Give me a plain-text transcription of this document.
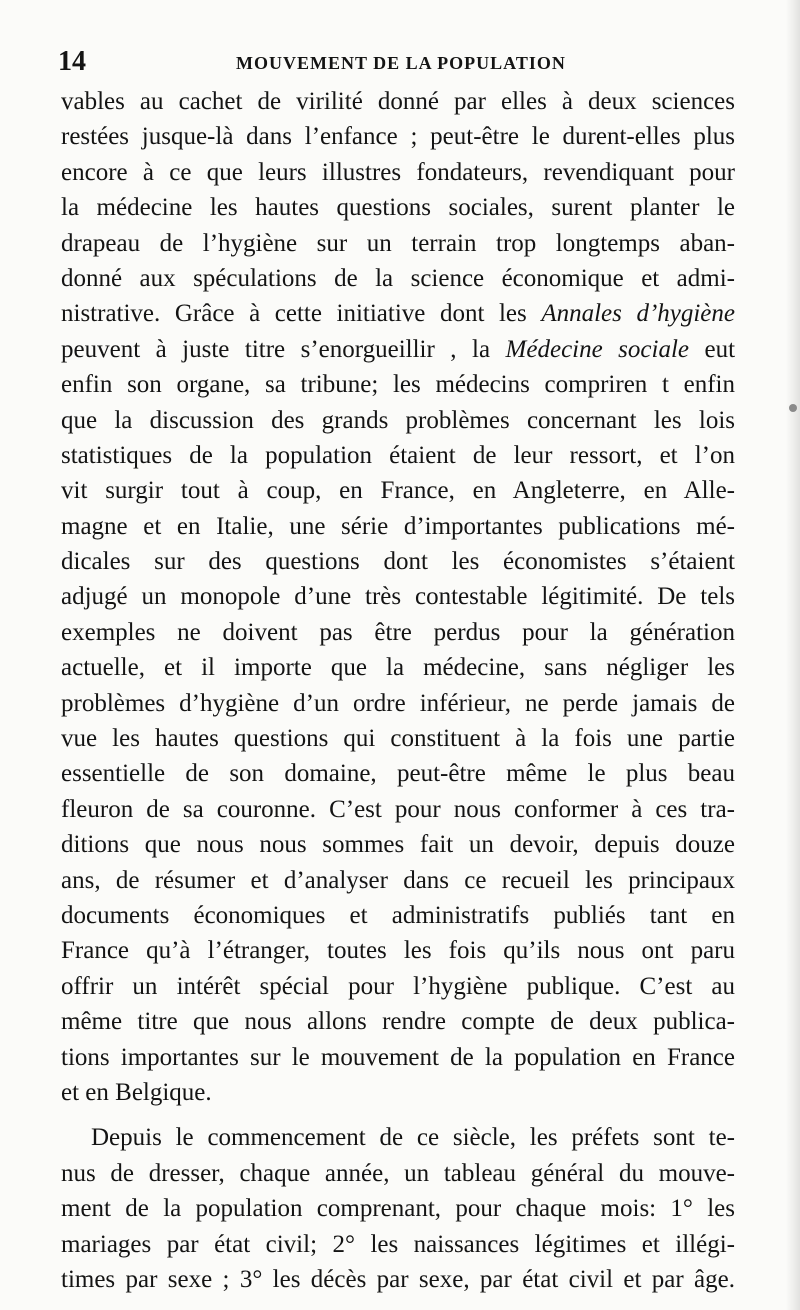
14	MOUVEMENT DE LA POPULATION
vables au cachet de virilité donné par elles à deux sciences
restées jusque-là dans l’enfance ; peut-être le durent-elles plus
encore à ce que leurs illustres fondateurs, revendiquant pour
la médecine les hautes questions sociales, surent planter le
drapeau de l’hygiène sur un terrain trop longtemps aban-
donné aux spéculations de la science économique et admi-
nistrative. Grâce à cette initiative dont les Annales d’hygiène
peuvent à juste titre s’enorgueillir , la Médecine sociale eut
enfin son organe, sa tribune; les médecins compriren t enfin
que la discussion des grands problèmes concernant les lois
statistiques de la population étaient de leur ressort, et l’on
vit surgir tout à coup, en France, en Angleterre, en Alle-
magne et en Italie, une série d’importantes publications mé-
dicales sur des questions dont les économistes s’étaient
adjugé un monopole d’une très contestable légitimité. De tels
exemples ne doivent pas être perdus pour la génération
actuelle, et il importe que la médecine, sans négliger les
problèmes d’hygiène d’un ordre inférieur, ne perde jamais de
vue les hautes questions qui constituent à la fois une partie
essentielle de son domaine, peut-être même le plus beau
fleuron de sa couronne. C’est pour nous conformer à ces tra-
ditions que nous nous sommes fait un devoir, depuis douze
ans, de résumer et d’analyser dans ce recueil les principaux
documents économiques et administratifs publiés tant en
France qu’à l’étranger, toutes les fois qu’ils nous ont paru
offrir un intérêt spécial pour l’hygiène publique. C’est au
même titre que nous allons rendre compte de deux publica-
tions importantes sur le mouvement de la population en France
et en Belgique.
Depuis le commencement de ce siècle, les préfets sont te-
nus de dresser, chaque année, un tableau général du mouve-
ment de la population comprenant, pour chaque mois: 1° les
mariages par état civil; 2° les naissances légitimes et illégi-
times par sexe ; 3° les décès par sexe, par état civil et par âge.
